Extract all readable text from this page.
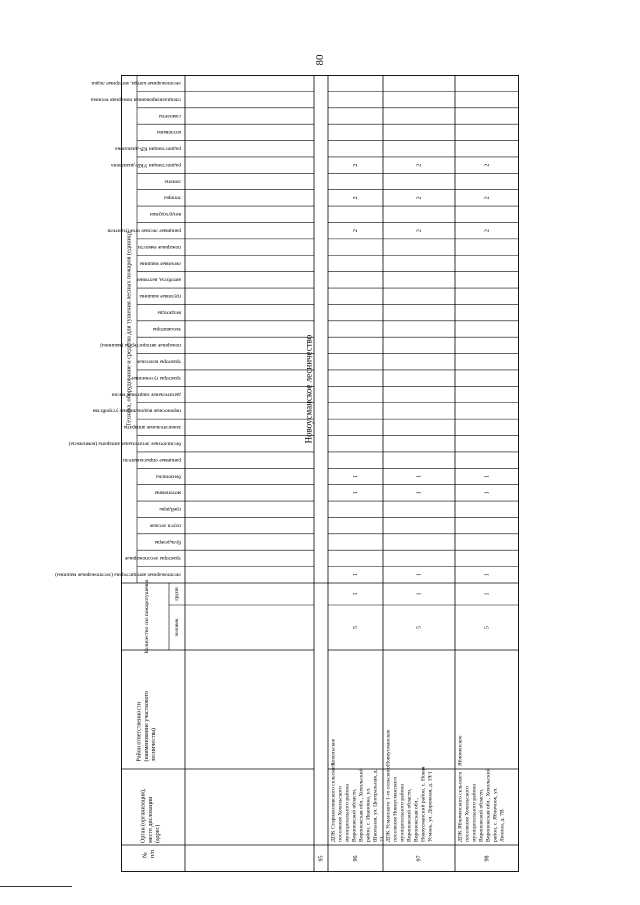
80
лесопожарные автоцистерны (лесопожарные машины)
тракторы лесопожарные
бульдозеры
плуги лесные
грейдеры
мотопомпы
бензопилы
ранцевые опрыскиватели
беспилотные летательные аппараты (комплексы)
зажигательные аппараты
переносные водоналивные устройства
дыхательные защитные маски
тракторы гусеничные
тракторы колесные
пожарные автоцистерны (машины)
экскаваторы
вездеходы
грузовые машины
автобусы, вахтовки
легковые машины
пожарные емкости
ранцевые лесные огнетушители
воздуходувки
топоры
лопаты
радиостанции УКВ-диапазона
радиостанции КВ-диапазона
котлованы
самолеты
специализированная пожарная техника
лесопожарные катера, моторные лодки
Техника, оборудование и средства для тушения лесных пожаров (единиц)
Количество сил пожаротушения	человек
групп
Район ответственности (наименование участкового лесничества)
Орган (организация), место дислокации (адрес)
№ п/п
Новоусманское лесничество
95	96
ДПК Старожиловского сельского поселения Хохольского муниципального района Воронежской области, Воронежская обл., Хохольский район, с. Ивановка, ул. Школьная, ул. Центральная, д. 21
Хохольское
5
1
1
1
1
2
2
2
97
ДПК Усманского 1-го сельского поселения Новоусманского муниципального района Воронежской области, Воронежская обл., Новоусманский район, с. Новая Усмань, ул. Дорожная, д. 19/1
Новоусманское
5
1
1
1
1
2
2
2
98
ДПК Яблоченского сельского поселения Хохольского муниципального района Воронежской области, Воронежская обл., Хохольский район, с. Яблочное, ул. Ленина, д. 7В
Яблоченское
5
1
1
1
1
2
2
2
